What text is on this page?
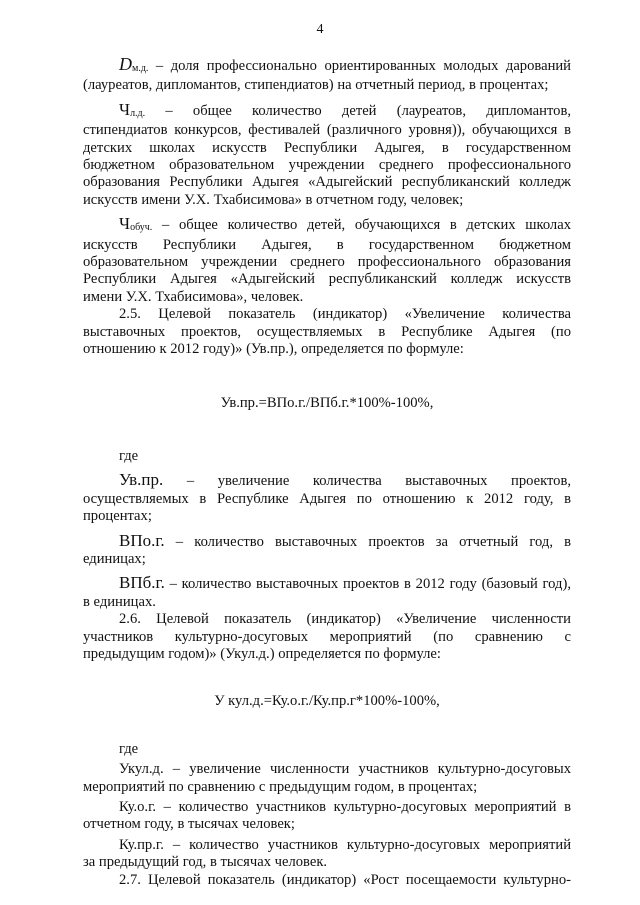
4

Dм.д. – доля профессионально ориентированных молодых дарований

(лауреатов, дипломантов, стипендиатов) на отчетный период, в процентах;

Чл.д. – общее количество детей (лауреатов, дипломантов,

стипендиатов конкурсов, фестивалей (различного уровня)), обучающихся в

детских школах искусств Республики Адыгея, в государственном

бюджетном образовательном учреждении среднего профессионального

образования Республики Адыгея «Адыгейский республиканский колледж

искусств имени У.Х. Тхабисимова» в отчетном году, человек;

Чобуч. – общее количество детей, обучающихся в детских школах

искусств Республики Адыгея, в государственном бюджетном

образовательном учреждении среднего профессионального образования

Республики Адыгея «Адыгейский республиканский колледж искусств

имени У.Х. Тхабисимова», человек.

2.5. Целевой показатель (индикатор) «Увеличение количества

выставочных проектов, осуществляемых в Республике Адыгея (по

отношению к 2012 году)» (Ув.пр.), определяется по формуле:

Ув.пр.=ВПо.г./ВПб.г.*100%-100%,

где

Ув.пр. – увеличение количества выставочных проектов,

осуществляемых в Республике Адыгея по отношению к 2012 году, в

процентах;

ВПо.г. – количество выставочных проектов за отчетный год, в

единицах;

ВПб.г. – количество выставочных проектов в 2012 году (базовый год),

в единицах.

2.6. Целевой показатель (индикатор) «Увеличение численности

участников культурно-досуговых мероприятий (по сравнению с

предыдущим годом)» (Укул.д.) определяется по формуле:

У кул.д.=Ку.о.г./Ку.пр.г*100%-100%,

где

Укул.д. – увеличение численности участников культурно-досуговых

мероприятий по сравнению с предыдущим годом, в процентах;

Ку.о.г. – количество участников культурно-досуговых мероприятий в

отчетном году, в тысячах человек;

Ку.пр.г. – количество участников культурно-досуговых мероприятий

за предыдущий год, в тысячах человек.

2.7. Целевой показатель (индикатор) «Рост посещаемости культурно-
